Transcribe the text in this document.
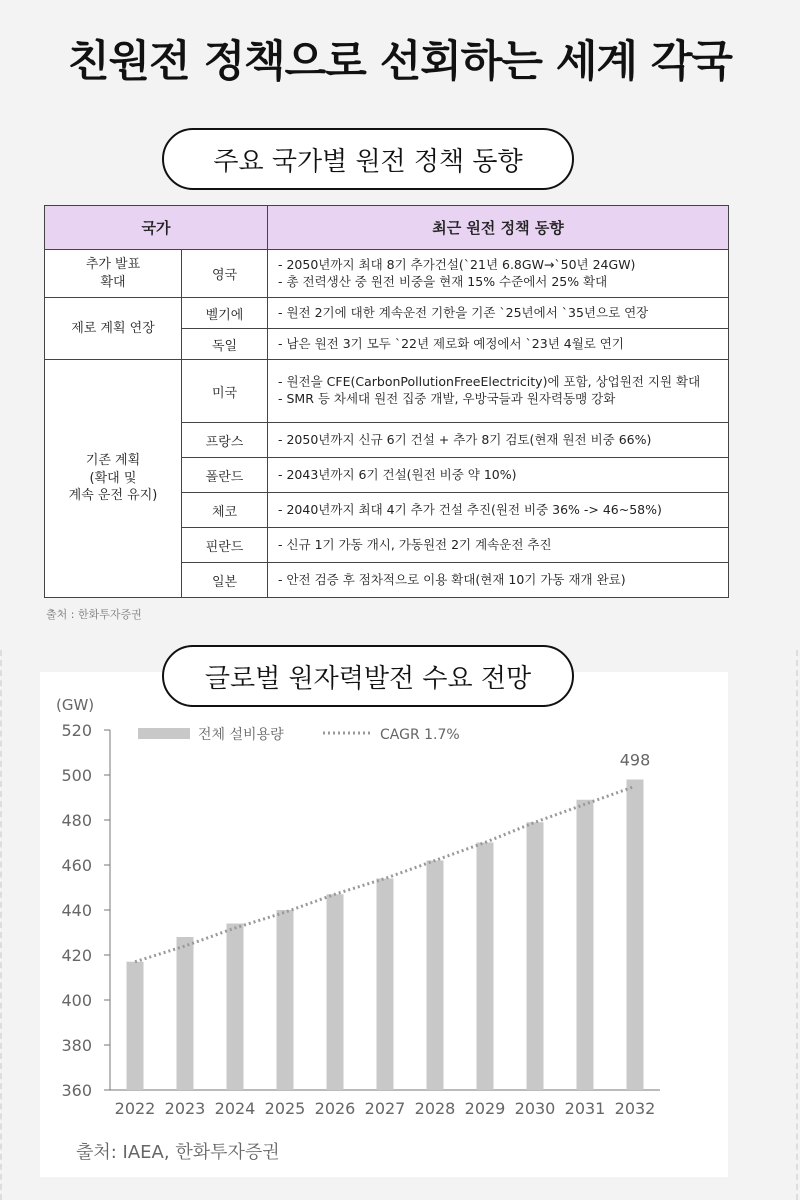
친원전 정책으로 선회하는 세계 각국
주요 국가별 원전 정책 동향
국가		최근 원전 정책 동향

추가 발표
확대	영국	- 2050년까지 최대 8기 추가건설(`21년 6.8GW→`50년 24GW)
- 총 전력생산 중 원전 비중을 현재 15% 수준에서 25% 확대

제로 계획 연장	벨기에	- 원전 2기에 대한 계속운전 기한을 기존 `25년에서 `35년으로 연장

	독일	- 남은 원전 3기 모두 `22년 제로화 예정에서 `23년 4월로 연기

기존 계획
(확대 및
계속 운전 유지)	미국	- 원전을 CFE(CarbonPollutionFreeElectricity)에 포함, 상업원전 지원 확대
- SMR 등 차세대 원전 집중 개발, 우방국들과 원자력동맹 강화

	프랑스	- 2050년까지 신규 6기 건설 + 추가 8기 검토(현재 원전 비중 66%)

	폴란드	- 2043년까지 6기 건설(원전 비중 약 10%)

	체코	- 2040년까지 최대 4기 추가 건설 추진(원전 비중 36% -> 46~58%)

	핀란드	- 신규 1기 가동 개시, 가동원전 2기 계속운전 추진

	일본	- 안전 검증 후 점차적으로 이용 확대(현재 10기 가동 재개 완료)
출처 : 한화투자증권
(GW)
360
380
400
420
440
460
480
500
520
2022 2023 2024 2025 2026 2027 2028 2029 2030 2031 2032
498
전체 설비용량	CAGR 1.7%
출처: IAEA, 한화투자증권
글로벌 원자력발전 수요 전망
